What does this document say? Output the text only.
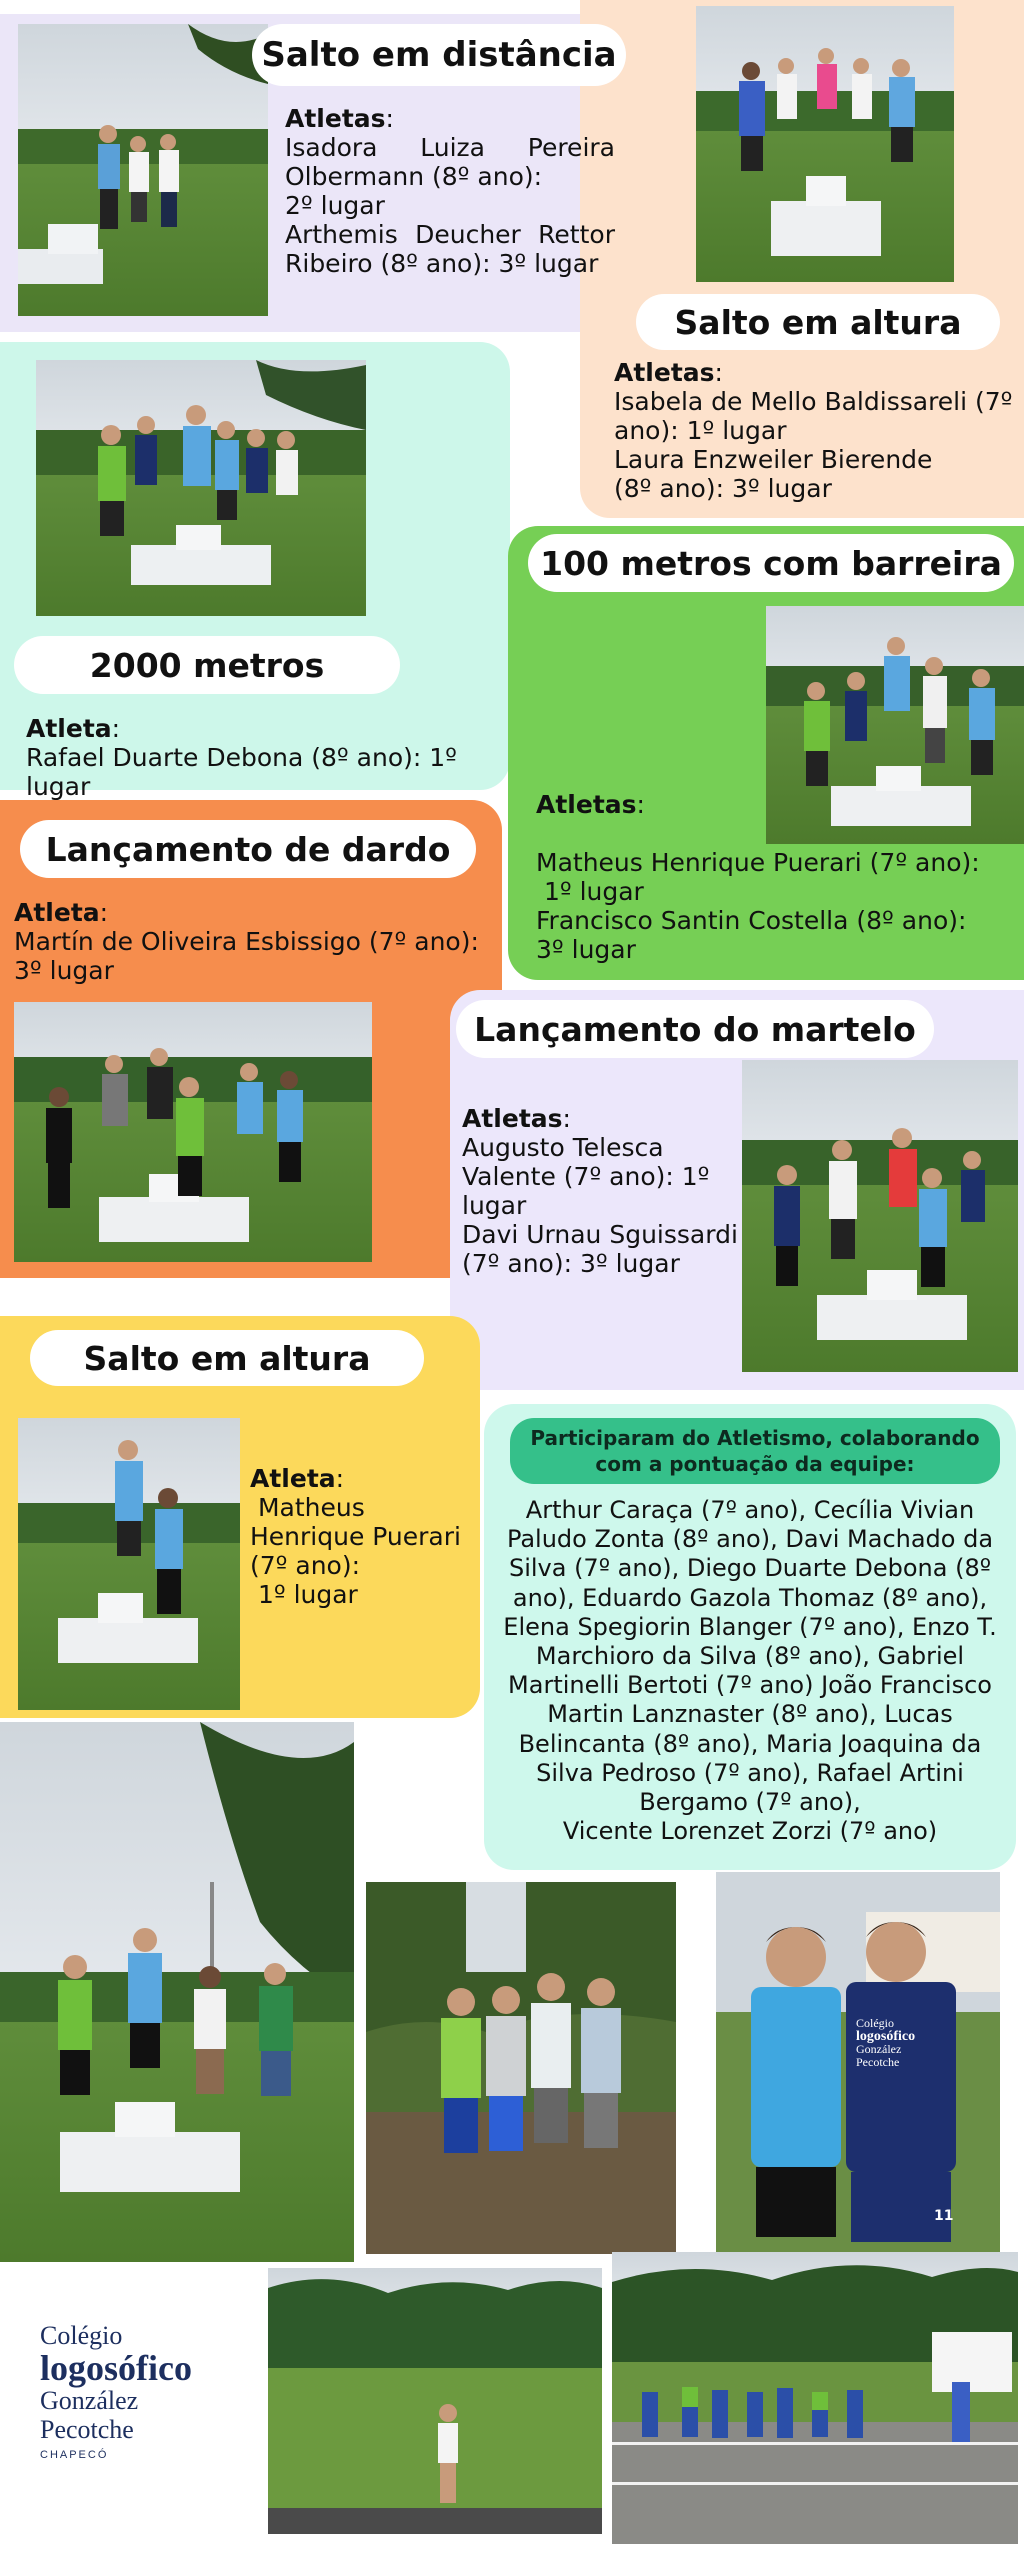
Salto em distância
Atletas:
Isadora Luiza Pereira
Olbermann (8º ano):
2º lugar
Arthemis Deucher Rettor
Ribeiro (8º ano): 3º lugar
Salto em altura
Atletas:
Isabela de Mello Baldissareli (7º
ano): 1º lugar
Laura Enzweiler Bierende
(8º ano): 3º lugar
2000 metros
Atleta:
Rafael Duarte Debona (8º ano): 1º lugar
100 metros com barreira
Atletas:
Matheus Henrique Puerari (7º ano):
1º lugar
Francisco Santin Costella (8º ano):
3º lugar
Lançamento de dardo
Atleta:
Martín de Oliveira Esbissigo (7º ano):
3º lugar
Lançamento do martelo
Atletas:
Augusto Telesca
Valente (7º ano): 1º
lugar
Davi Urnau Sguissardi
(7º ano): 3º lugar
Salto em altura
Atleta:
Matheus
Henrique Puerari
(7º ano):
1º lugar
Participaram do Atletismo, colaborando
com a pontuação da equipe:
Arthur Caraça (7º ano), Cecília Vivian
Paludo Zonta (8º ano), Davi Machado da
Silva (7º ano), Diego Duarte Debona (8º
ano), Eduardo Gazola Thomaz (8º ano),
Elena Spegiorin Blanger (7º ano), Enzo T.
Marchioro da Silva (8º ano), Gabriel
Martinelli Bertoti (7º ano) João Francisco
Martin Lanznaster (8º ano), Lucas
Belincanta (8º ano), Maria Joaquina da
Silva Pedroso (7º ano), Rafael Artini
Bergamo (7º ano),
Vicente Lorenzet Zorzi (7º ano)
Colégio
logosófico
González
Pecotche
11
Colégio
logosófico
González
Pecotche
CHAPECÓ
